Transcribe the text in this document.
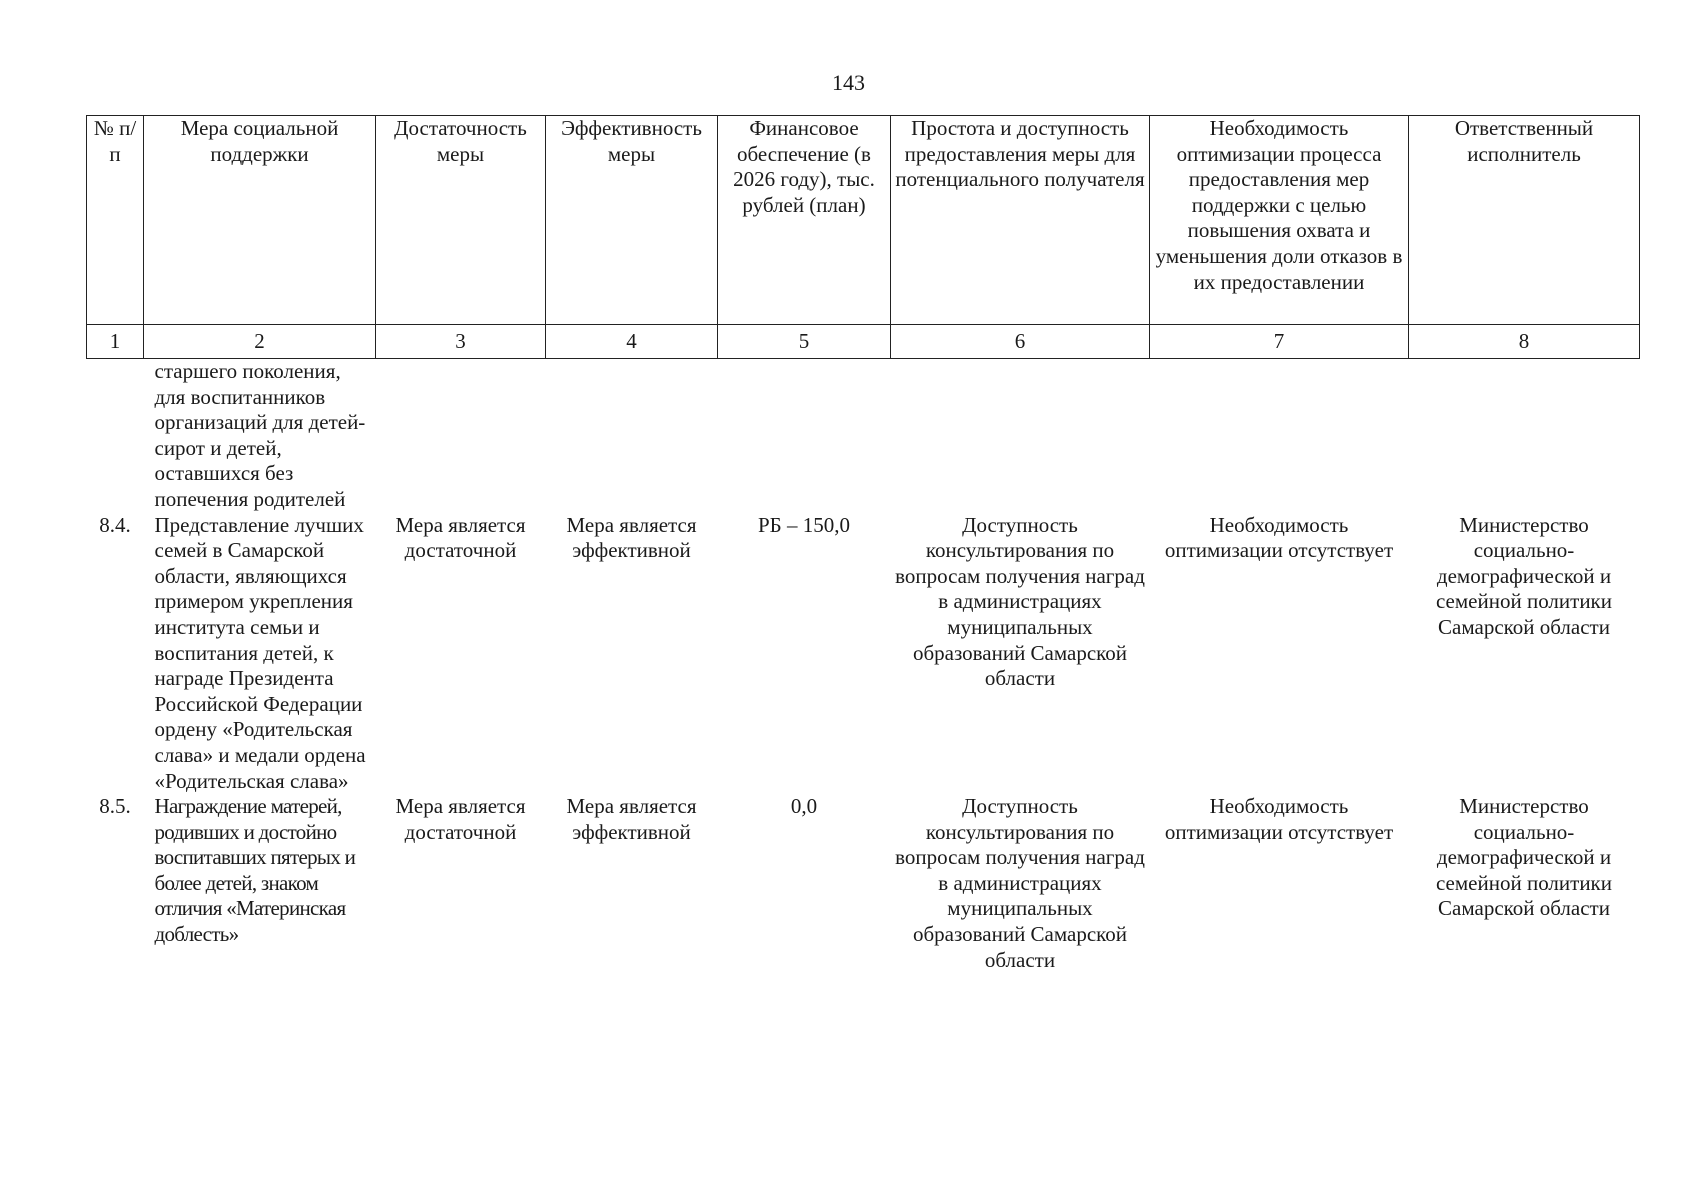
143
№ п/п	Мера социальной поддержки	Достаточность меры	Эффективность меры	Финансовое обеспечение (в 2026 году), тыс. рублей (план)	Простота и доступность предоставления меры для потенциального получателя	Необходимость оптимизации процесса предоставления мер поддержки с целью повышения охвата и уменьшения доли отказов в их предоставлении	Ответственный исполнитель
1	2	3	4	5	6	7	8
	старшего поколения, для воспитанников организаций для детей-сирот и детей, оставшихся без попечения родителей						
8.4.	Представление лучших семей в Самарской области, являющихся примером укрепления института семьи и воспитания детей, к награде Президента Российской Федерации ордену «Родительская слава» и медали ордена «Родительская слава»	Мера является достаточной	Мера является эффективной	РБ – 150,0	Доступность консультирования по вопросам получения наград в администрациях муниципальных образований Самарской области	Необходимость оптимизации отсутствует	Министерство социально-демографической и семейной политики Самарской области
8.5.	Награждение матерей, родивших и достойно воспитавших пятерых и более детей, знаком отличия «Материнская доблесть»	Мера является достаточной	Мера является эффективной	0,0	Доступность консультирования по вопросам получения наград в администрациях муниципальных образований Самарской области	Необходимость оптимизации отсутствует	Министерство социально-демографической и семейной политики Самарской области
